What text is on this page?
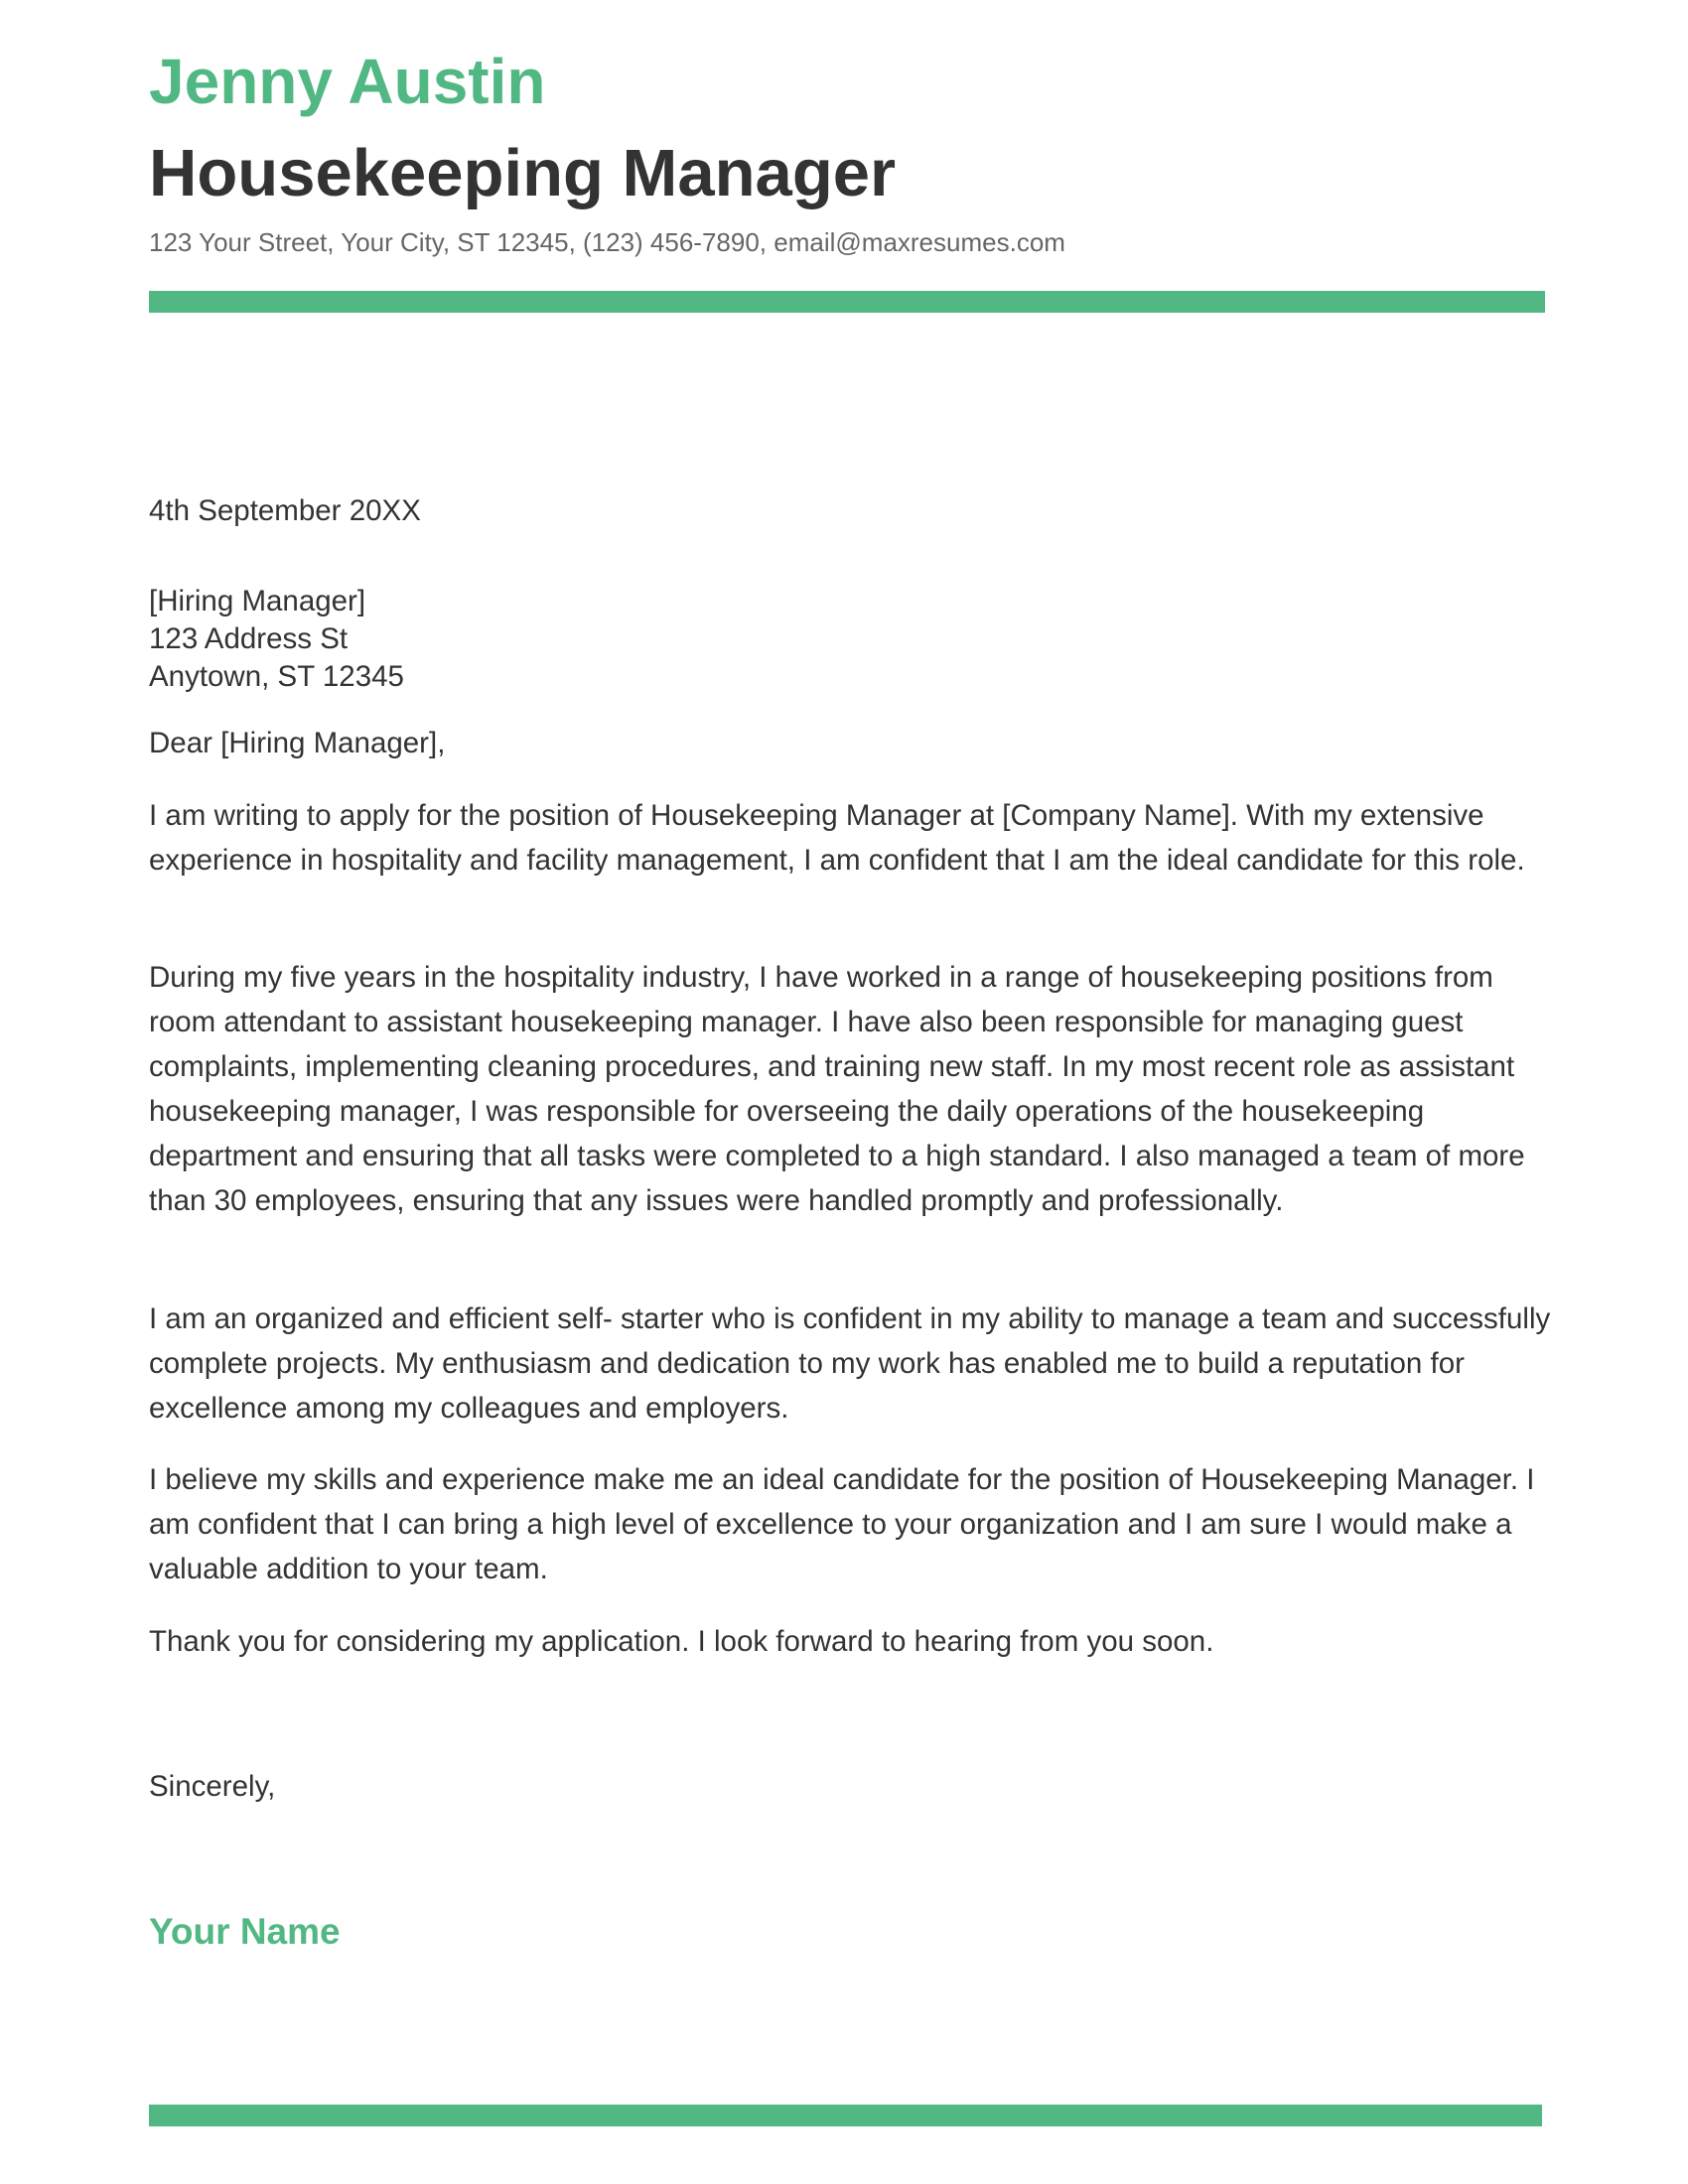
Jenny Austin
Housekeeping Manager
123 Your Street, Your City, ST 12345, (123) 456-7890, email@maxresumes.com

4th September 20XX

[Hiring Manager]
123 Address St
Anytown, ST 12345

Dear [Hiring Manager],

I am writing to apply for the position of Housekeeping Manager at [Company Name]. With my extensive experience in hospitality and facility management, I am confident that I am the ideal candidate for this role.

During my five years in the hospitality industry, I have worked in a range of housekeeping positions from room attendant to assistant housekeeping manager. I have also been responsible for managing guest complaints, implementing cleaning procedures, and training new staff. In my most recent role as assistant housekeeping manager, I was responsible for overseeing the daily operations of the housekeeping department and ensuring that all tasks were completed to a high standard. I also managed a team of more than 30 employees, ensuring that any issues were handled promptly and professionally.

I am an organized and efficient self- starter who is confident in my ability to manage a team and successfully complete projects. My enthusiasm and dedication to my work has enabled me to build a reputation for excellence among my colleagues and employers.

I believe my skills and experience make me an ideal candidate for the position of Housekeeping Manager. I am confident that I can bring a high level of excellence to your organization and I am sure I would make a valuable addition to your team.

Thank you for considering my application. I look forward to hearing from you soon.

Sincerely,

Your Name
